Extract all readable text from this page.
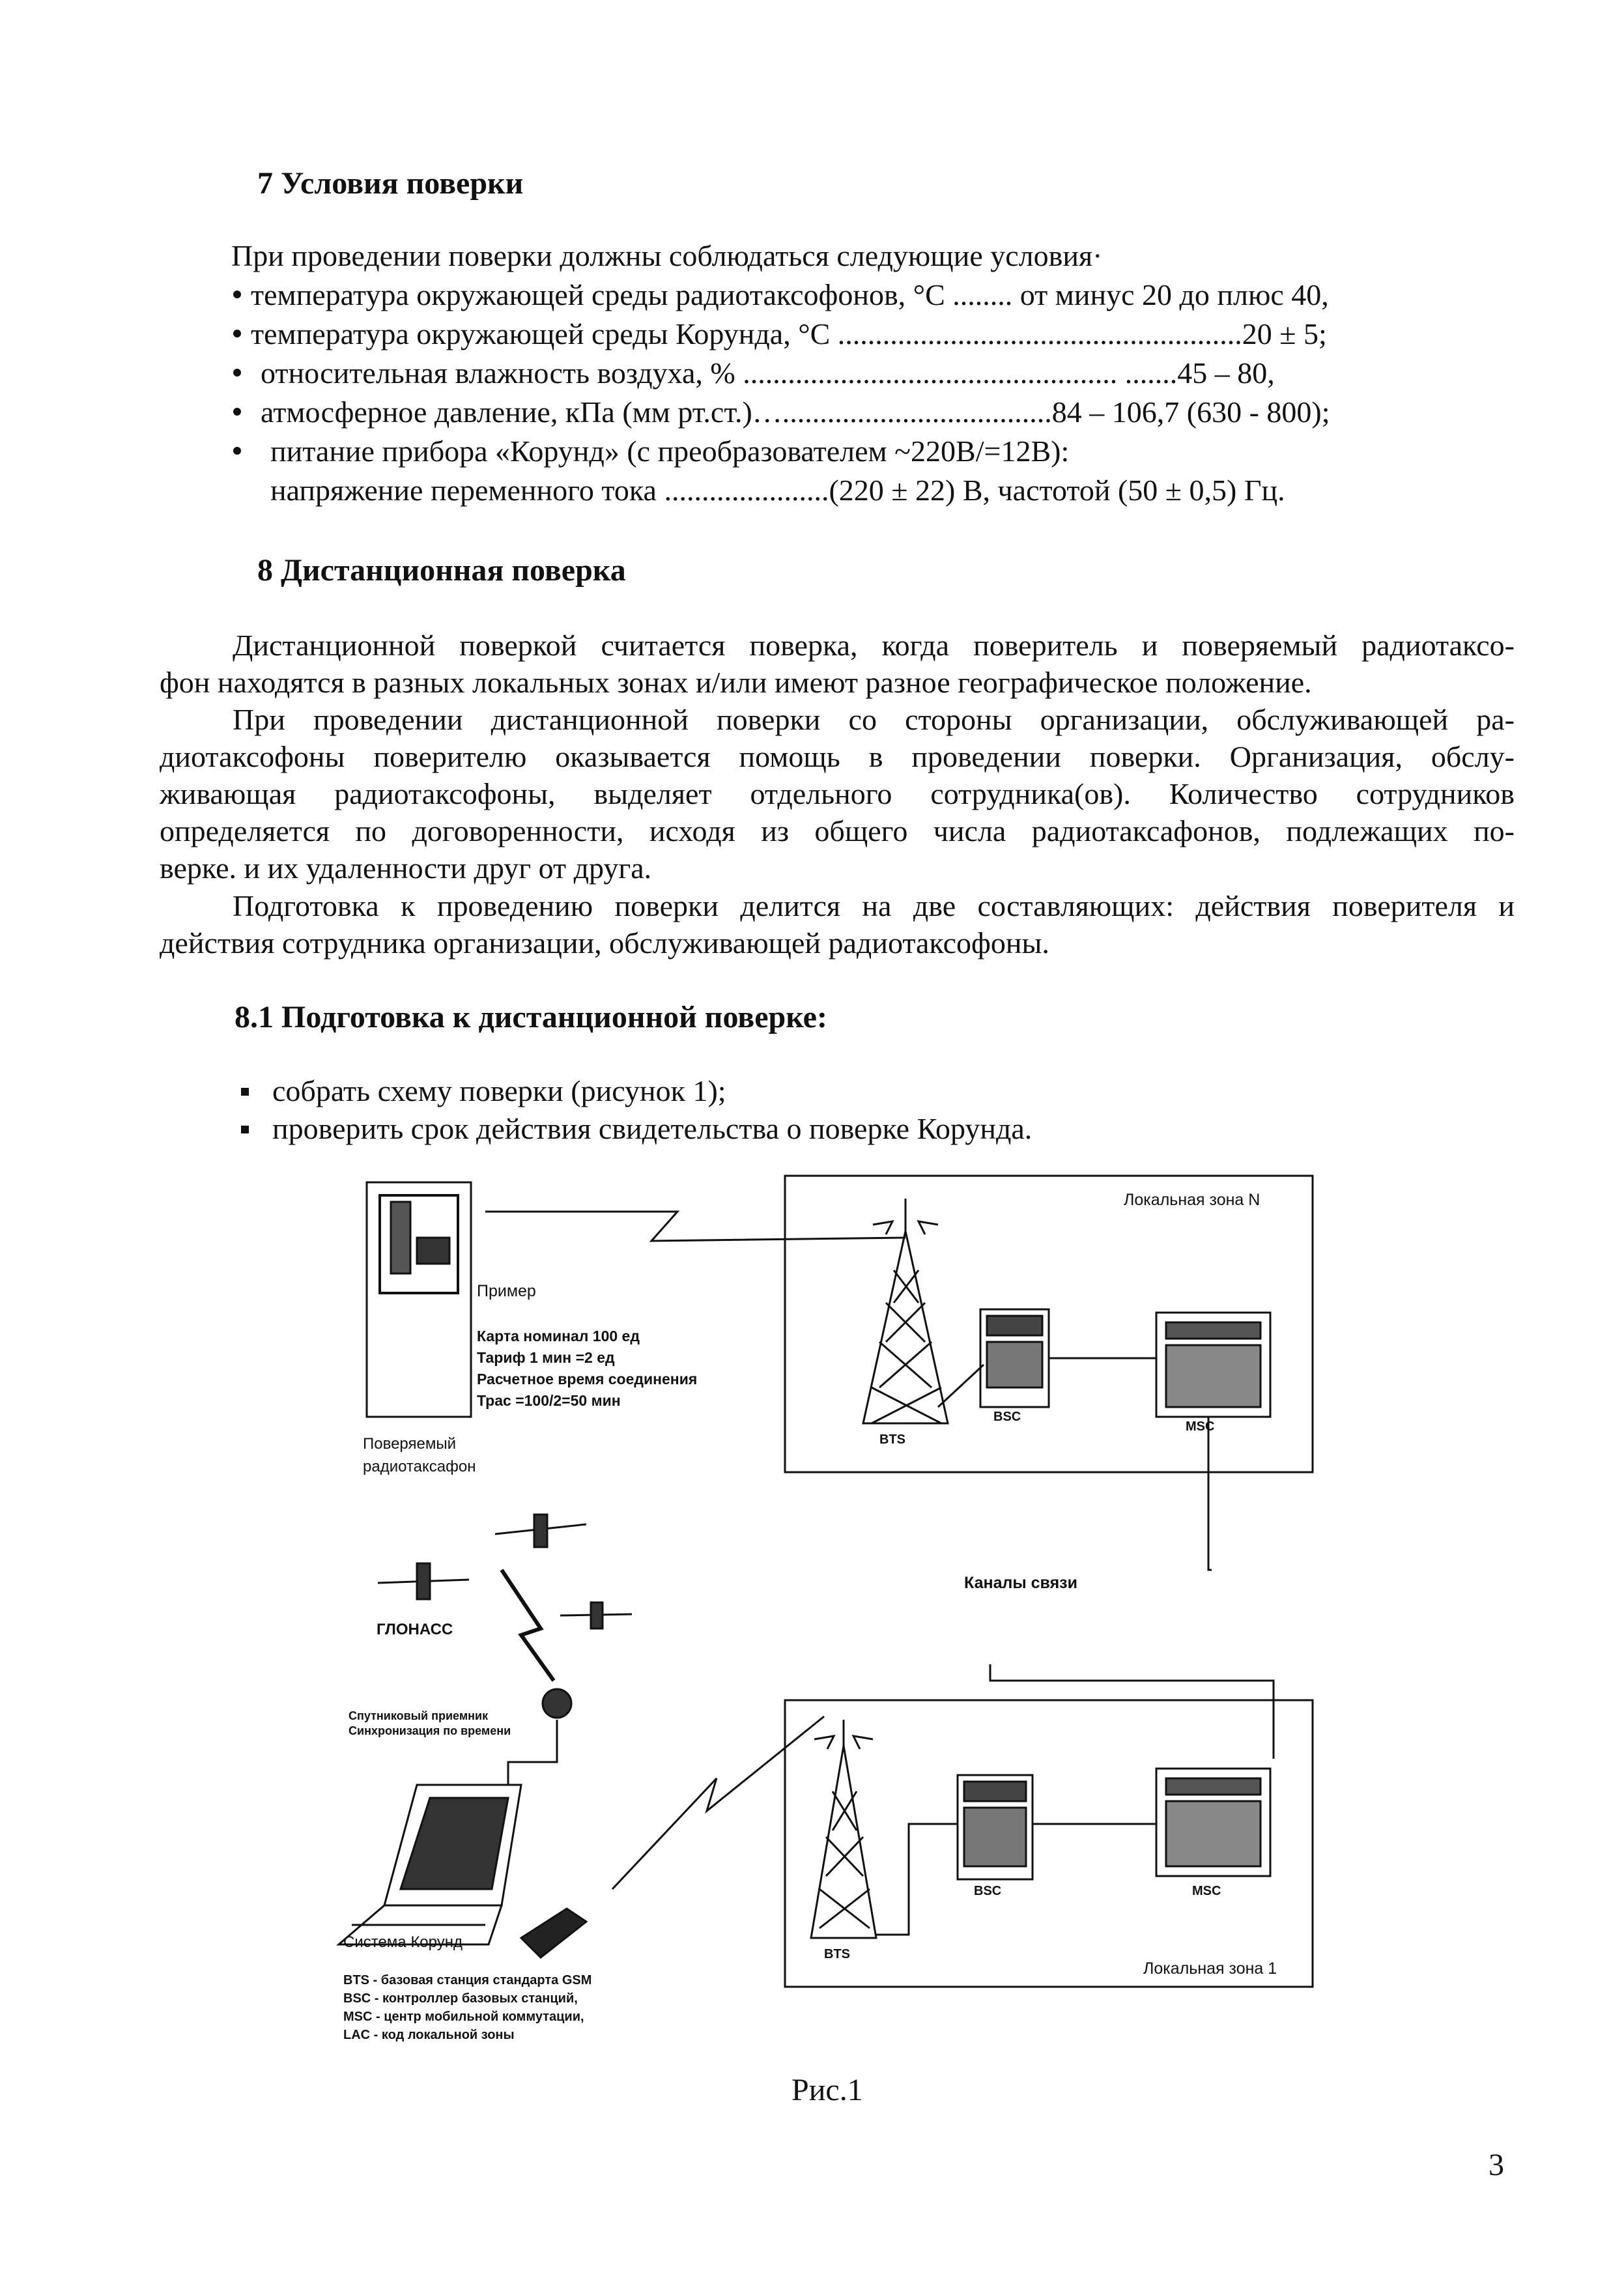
7 Условия поверки
При проведении поверки должны соблюдаться следующие условия·
температура окружающей среды радиотаксофонов, °С ........ от минус 20 до плюс 40,
температура окружающей среды Корунда, °С ......................................................20 ± 5;
относительная влажность воздуха, % .................................................. .......45 – 80,
атмосферное давление, кПа (мм рт.ст.)…....................................84 – 106,7 (630 - 800);
питание прибора «Корунд» (с преобразователем ~220В/=12В):
напряжение переменного тока ......................(220 ± 22) В, частотой (50 ± 0,5) Гц.
8 Дистанционная поверка
Дистанционной поверкой считается поверка, когда поверитель и поверяемый радиотаксо-
фон находятся в разных локальных зонах и/или имеют разное географическое положение.
При проведении дистанционной поверки со стороны организации, обслуживающей ра-
диотаксофоны поверителю оказывается помощь в проведении поверки. Организация, обслу-
живающая радиотаксофоны, выделяет отдельного сотрудника(ов). Количество сотрудников
определяется по договоренности, исходя из общего числа радиотаксафонов, подлежащих по-
верке. и их удаленности друг от друга.
Подготовка к проведению поверки делится на две составляющих: действия поверителя и
действия сотрудника организации, обслуживающей радиотаксофоны.
8.1 Подготовка к дистанционной поверке:
собрать схему поверки (рисунок 1);
проверить срок действия свидетельства о поверке Корунда.
Локальная зона N
Локальная зона 1
Пример
Карта номинал 100 ед
Тариф 1 мин =2 ед
Расчетное время соединения
Трас =100/2=50 мин
Поверяемый
радиотаксафон
ГЛОНАСС
Каналы связи
Спутниковый приемник
Синхронизация по времени
Система Корунд
BTS - базовая станция стандарта GSM
BSC - контроллер базовых станций,
MSC - центр мобильной коммутации,
LAC - код локальной зоны
BTS
BSC
MSC
BTS
BSC	MSC
Рис.1
3
